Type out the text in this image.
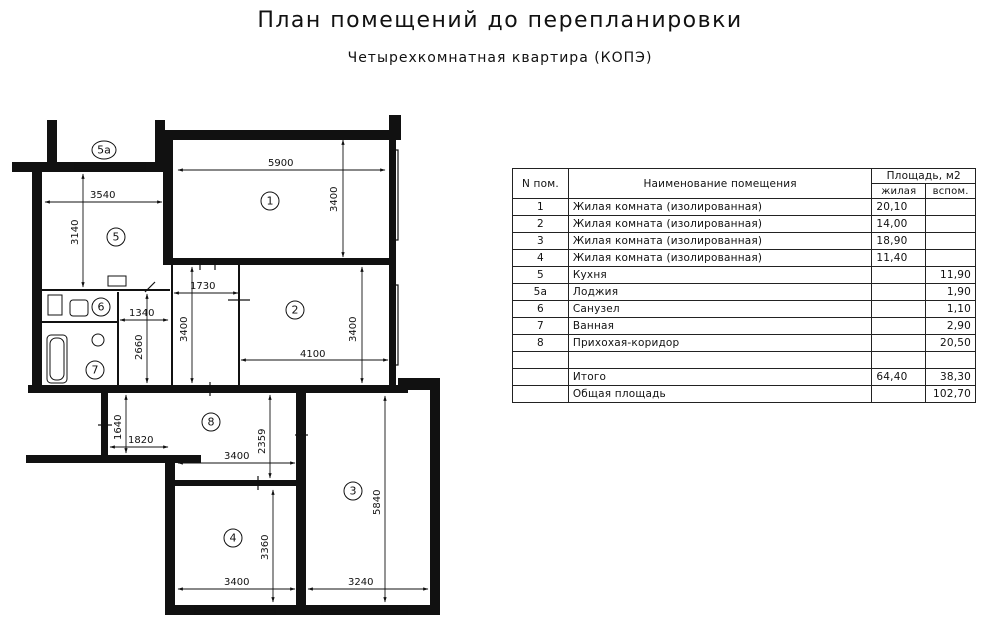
План помещений до перепланировки
Четырехкомнатная квартира (КОПЭ)
1
2
3
4
5
5а
6
7
8
5900
3400
3540
3140
4100
3400
1730
3400
1340
2660
1640
1820
3400
2359
3400
3360
3240
5840
N пом.	Наименование помещения	Площадь, м2	
		жилая	вспом.
1	Жилая комната (изолированная)	20,10	
2	Жилая комната (изолированная)	14,00	
3	Жилая комната (изолированная)	18,90	
4	Жилая комната (изолированная)	11,40	
5	Кухня		11,90
5а	Лоджия		1,90
6	Санузел		1,10
7	Ванная		2,90
8	Прихохая-коридор		20,50

	Итого	64,40	38,30
	Общая площадь		102,70
